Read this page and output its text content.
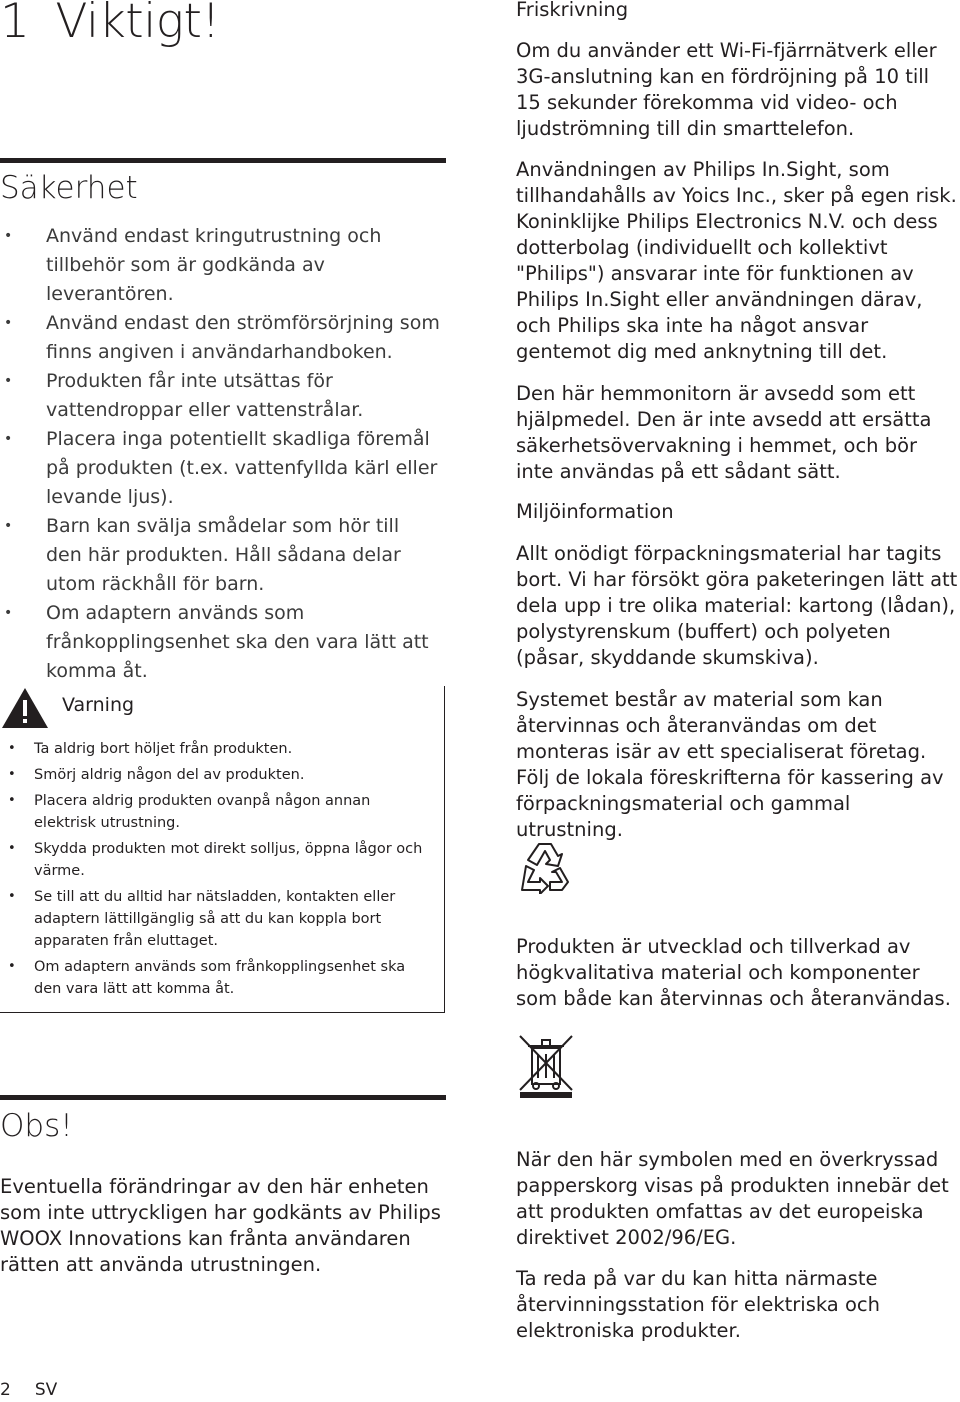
1 Viktigt!
Säkerhet
• Använd endast kringutrustning och tillbehör som är godkända av leverantören.
• Använd endast den strömförsörjning som finns angiven i användarhandboken.
• Produkten får inte utsättas för vattendroppar eller vattenstrålar.
• Placera inga potentiellt skadliga föremål på produkten (t.ex. vattenfyllda kärl eller levande ljus).
• Barn kan svälja smådelar som hör till den här produkten. Håll sådana delar utom räckhåll för barn.
• Om adaptern används som frånkopplingsenhet ska den vara lätt att komma åt.
Varning
• Ta aldrig bort höljet från produkten.
• Smörj aldrig någon del av produkten.
• Placera aldrig produkten ovanpå någon annan elektrisk utrustning.
• Skydda produkten mot direkt solljus, öppna lågor och värme.
• Se till att du alltid har nätsladden, kontakten eller adaptern lättillgänglig så att du kan koppla bort apparaten från eluttaget.
• Om adaptern används som frånkopplingsenhet ska den vara lätt att komma åt.
Obs!
Eventuella förändringar av den här enheten som inte uttryckligen har godkänts av Philips WOOX Innovations kan frånta användaren rätten att använda utrustningen.
2 SV
Friskrivning
Om du använder ett Wi-Fi-fjärrnätverk eller 3G-anslutning kan en fördröjning på 10 till 15 sekunder förekomma vid video- och ljudströmning till din smarttelefon.
Användningen av Philips In.Sight, som tillhandahålls av Yoics Inc., sker på egen risk. Koninklijke Philips Electronics N.V. och dess dotterbolag (individuellt och kollektivt "Philips") ansvarar inte för funktionen av Philips In.Sight eller användningen därav, och Philips ska inte ha något ansvar gentemot dig med anknytning till det.
Den här hemmonitorn är avsedd som ett hjälpmedel. Den är inte avsedd att ersätta säkerhetsövervakning i hemmet, och bör inte användas på ett sådant sätt.
Miljöinformation
Allt onödigt förpackningsmaterial har tagits bort. Vi har försökt göra paketeringen lätt att dela upp i tre olika material: kartong (lådan), polystyrenskum (buffert) och polyeten (påsar, skyddande skumskiva).
Systemet består av material som kan återvinnas och återanvändas om det monteras isär av ett specialiserat företag. Följ de lokala föreskrifterna för kassering av förpackningsmaterial och gammal utrustning.
Produkten är utvecklad och tillverkad av högkvalitativa material och komponenter som både kan återvinnas och återanvändas.
När den här symbolen med en överkryssad papperskorg visas på produkten innebär det att produkten omfattas av det europeiska direktivet 2002/96/EG.
Ta reda på var du kan hitta närmaste återvinningsstation för elektriska och elektroniska produkter.
